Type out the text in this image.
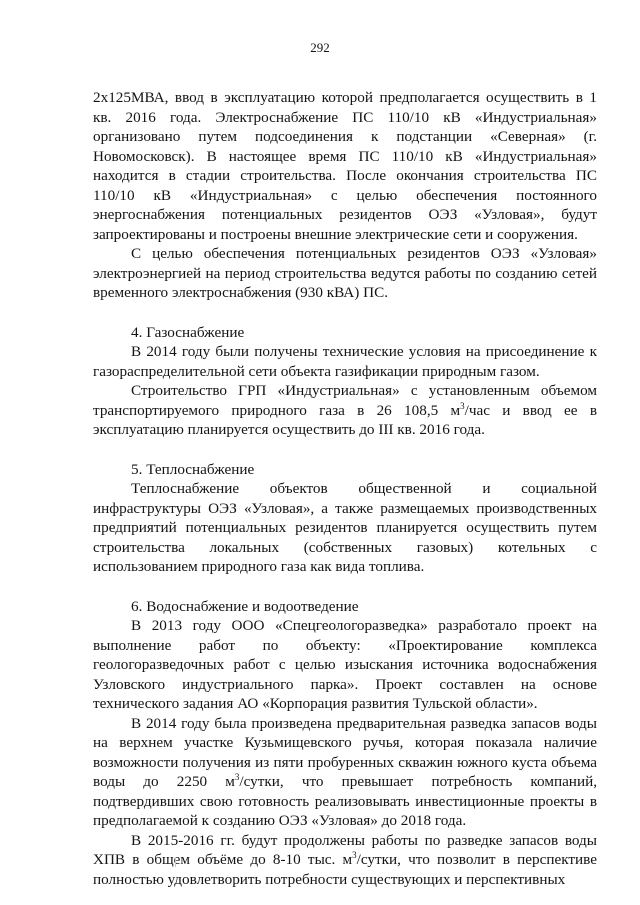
292

2х125МВА, ввод в эксплуатацию которой предполагается осуществить в 1 кв. 2016 года. Электроснабжение ПС 110/10 кВ «Индустриальная» организовано путем подсоединения к подстанции «Северная» (г. Новомосковск). В настоящее время ПС 110/10 кВ «Индустриальная» находится в стадии строительства. После окончания строительства ПС 110/10 кВ «Индустриальная» с целью обеспечения постоянного энергоснабжения потенциальных резидентов ОЭЗ «Узловая», будут запроектированы и построены внешние электрические сети и сооружения.

С целью обеспечения потенциальных резидентов ОЭЗ «Узловая» электроэнергией на период строительства ведутся работы по созданию сетей временного электроснабжения (930 кВА) ПС.

4. Газоснабжение

В 2014 году были получены технические условия на присоединение к газораспределительной сети объекта газификации природным газом.

Строительство ГРП «Индустриальная» с установленным объемом транспортируемого природного газа в 26 108,5 $м^3$/час и ввод ее в эксплуатацию планируется осуществить до III кв. 2016 года.

5. Теплоснабжение

Теплоснабжение объектов общественной и социальной инфраструктуры ОЭЗ «Узловая», а также размещаемых производственных предприятий потенциальных резидентов планируется осуществить путем строительства локальных (собственных газовых) котельных с использованием природного газа как вида топлива.

6. Водоснабжение и водоотведение

В 2013 году ООО «Спецгеологоразведка» разработало проект на выполнение работ по объекту: «Проектирование комплекса геологоразведочных работ с целью изыскания источника водоснабжения Узловского индустриального парка». Проект составлен на основе технического задания АО «Корпорация развития Тульской области».

В 2014 году была произведена предварительная разведка запасов воды на верхнем участке Кузьмищевского ручья, которая показала наличие возможности получения из пяти пробуренных скважин южного куста объема воды до 2250 $м^3$/сутки, что превышает потребность компаний, подтвердивших свою готовность реализовывать инвестиционные проекты в предполагаемой к созданию ОЭЗ «Узловая» до 2018 года.

В 2015-2016 гг. будут продолжены работы по разведке запасов воды ХПВ в общем объёме до 8-10 тыс. $м^3$/сутки, что позволит в перспективе полностью удовлетворить потребности существующих и перспективных
